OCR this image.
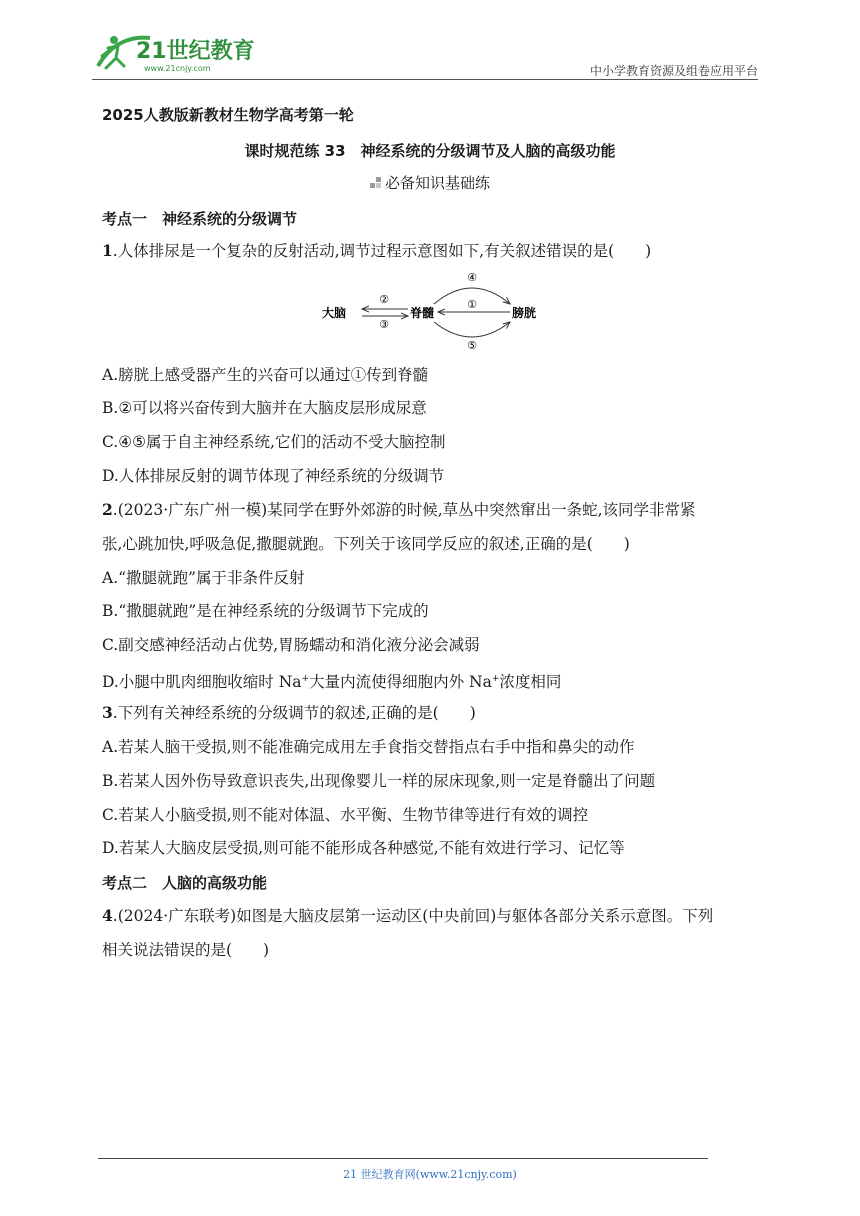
21世纪教育
www.21cnjy.com	中小学教育资源及组卷应用平台
2025人教版新教材生物学高考第一轮
课时规范练 33　神经系统的分级调节及人脑的高级功能
必备知识基础练
考点一　神经系统的分级调节
1.人体排尿是一个复杂的反射活动,调节过程示意图如下,有关叙述错误的是(　　)
大脑	脊髓	膀胱
②
③
①
④
⑤
A.膀胱上感受器产生的兴奋可以通过①传到脊髓
B.②可以将兴奋传到大脑并在大脑皮层形成尿意
C.④⑤属于自主神经系统,它们的活动不受大脑控制
D.人体排尿反射的调节体现了神经系统的分级调节
2.(2023·广东广州一模)某同学在野外郊游的时候,草丛中突然窜出一条蛇,该同学非常紧
张,心跳加快,呼吸急促,撒腿就跑。下列关于该同学反应的叙述,正确的是(　　)
A.“撒腿就跑”属于非条件反射
B.“撒腿就跑”是在神经系统的分级调节下完成的
C.副交感神经活动占优势,胃肠蠕动和消化液分泌会减弱
D.小腿中肌肉细胞收缩时 Na+大量内流使得细胞内外 Na+浓度相同
3.下列有关神经系统的分级调节的叙述,正确的是(　　)
A.若某人脑干受损,则不能准确完成用左手食指交替指点右手中指和鼻尖的动作
B.若某人因外伤导致意识丧失,出现像婴儿一样的尿床现象,则一定是脊髓出了问题
C.若某人小脑受损,则不能对体温、水平衡、生物节律等进行有效的调控
D.若某人大脑皮层受损,则可能不能形成各种感觉,不能有效进行学习、记忆等
考点二　人脑的高级功能
4.(2024·广东联考)如图是大脑皮层第一运动区(中央前回)与躯体各部分关系示意图。下列
相关说法错误的是(　　)
21 世纪教育网(www.21cnjy.com)
